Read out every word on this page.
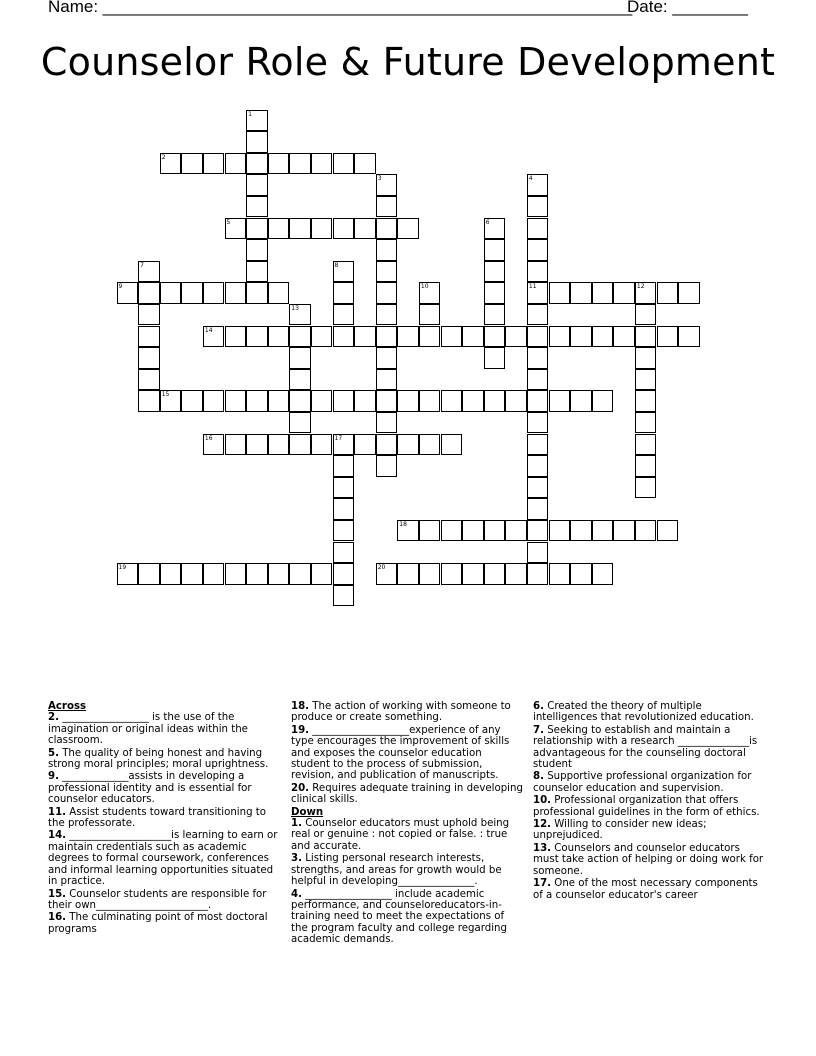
Name: ________________________________________________________
Date: ________
Counselor Role & Future Development
1
2
3	4
11
5	6
7	8
9	10	12
13
14
15
16	17
18
19	20
Across
2. _________________ is the use of the imagination or original ideas within the classroom.
5. The quality of being honest and having strong moral principles; moral uprightness.
9. _____________assists in developing a professional identity and is essential for counselor educators.
11. Assist students toward transitioning to the professorate.
14. ____________________is learning to earn or maintain credentials such as academic degrees to formal coursework, conferences and informal learning opportunities situated in practice.
15. Counselor students are responsible for their own______________________.
16. The culminating point of most doctoral programs
18. The action of working with someone to produce or create something.
19. ___________________experience of any type encourages the improvement of skills and exposes the counselor education student to the process of submission, revision, and publication of manuscripts.
20. Requires adequate training in developing clinical skills.
Down
1. Counselor educators must uphold being real or genuine : not copied or false. : true and accurate.
3. Listing personal research interests, strengths, and areas for growth would be helpful in developing_______________.
4. _________________ include academic performance, and counseloreducators-in-training need to meet the expectations of the program faculty and college regarding academic demands.
6. Created the theory of multiple intelligences that revolutionized education.
7. Seeking to establish and maintain a relationship with a research ______________is advantageous for the counseling doctoral student
8. Supportive professional organization for counselor education and supervision.
10. Professional organization that offers professional guidelines in the form of ethics.
12. Willing to consider new ideas; unprejudiced.
13. Counselors and counselor educators must take action of helping or doing work for someone.
17. One of the most necessary components of a counselor educator's career
